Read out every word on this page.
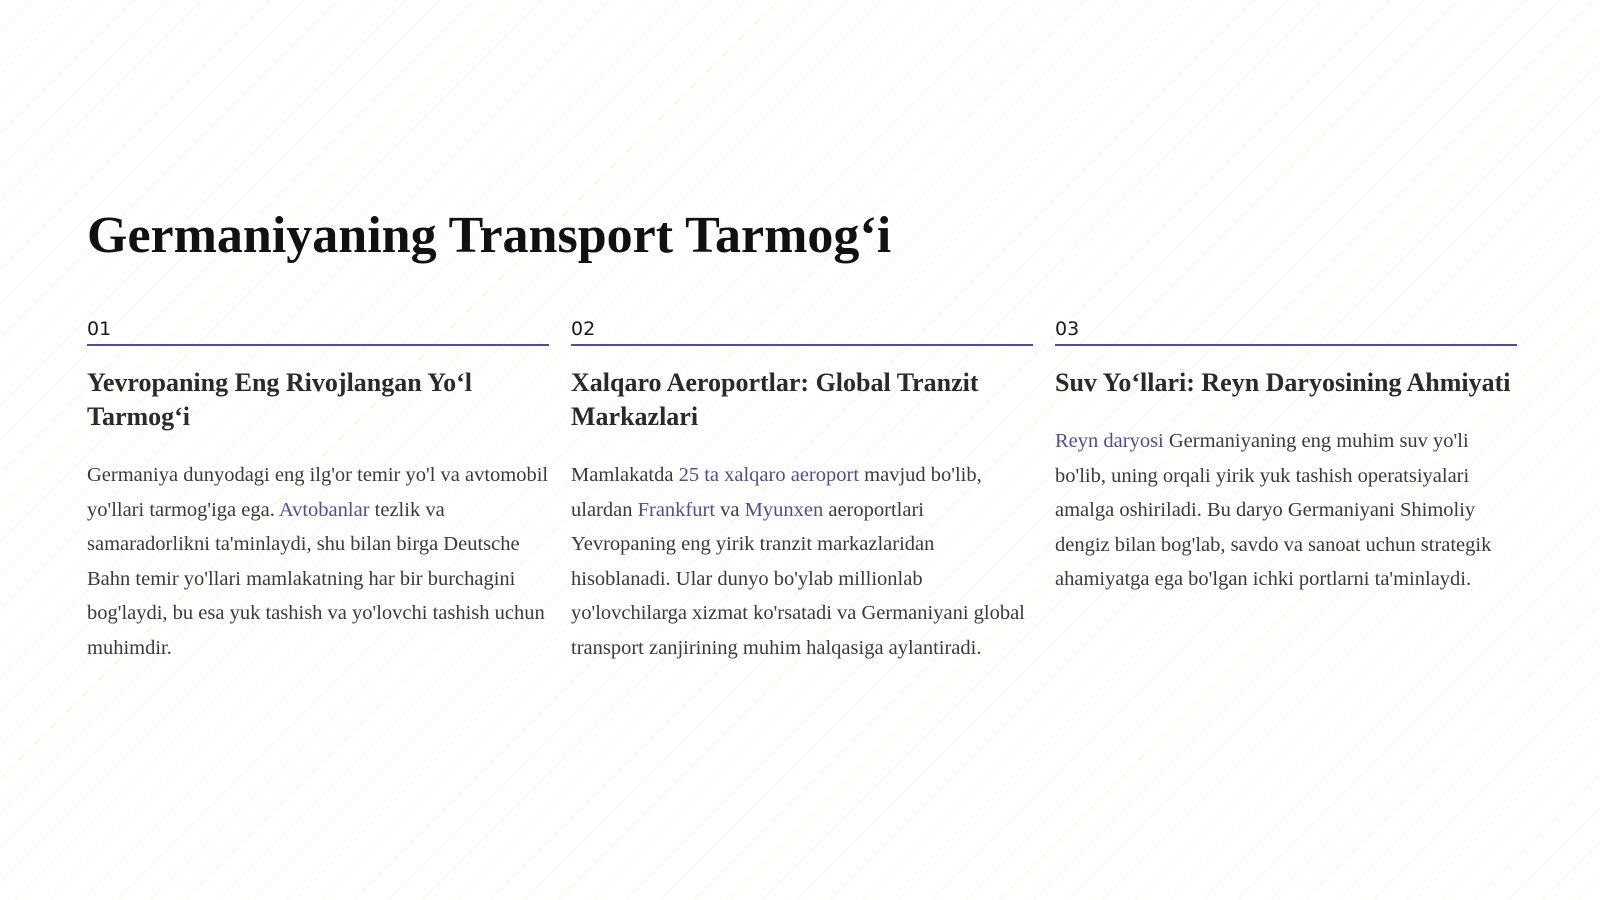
Germaniyaning Transport Tarmog‘i
01
Yevropaning Eng Rivojlangan Yo‘l Tarmog‘i

Germaniya dunyodagi eng ilg'or temir yo'l va avtomobil yo'llari tarmog'iga ega. Avtobanlar tezlik va samaradorlikni ta'minlaydi, shu bilan birga Deutsche Bahn temir yo'llari mamlakatning har bir burchagini bog'laydi, bu esa yuk tashish va yo'lovchi tashish uchun muhimdir.

02
Xalqaro Aeroportlar: Global Tranzit Markazlari

Mamlakatda 25 ta xalqaro aeroport mavjud bo'lib, ulardan Frankfurt va Myunxen aeroportlari Yevropaning eng yirik tranzit markazlaridan hisoblanadi. Ular dunyo bo'ylab millionlab yo'lovchilarga xizmat ko'rsatadi va Germaniyani global transport zanjirining muhim halqasiga aylantiradi.

03
Suv Yo‘llari: Reyn Daryosining Ahmiyati

Reyn daryosi Germaniyaning eng muhim suv yo'li bo'lib, uning orqali yirik yuk tashish operatsiyalari amalga oshiriladi. Bu daryo Germaniyani Shimoliy dengiz bilan bog'lab, savdo va sanoat uchun strategik ahamiyatga ega bo'lgan ichki portlarni ta'minlaydi.
